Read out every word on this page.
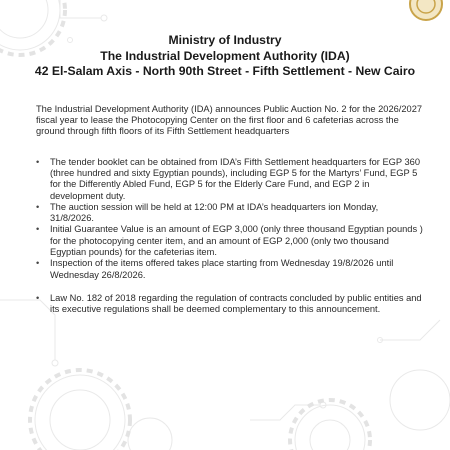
Ministry of Industry
The Industrial Development Authority (IDA)
42 El-Salam Axis - North 90th Street - Fifth Settlement - New Cairo

The Industrial Development Authority (IDA) announces Public Auction No. 2 for the 2026/2027 fiscal year to lease the Photocopying Center on the first floor and 6 cafeterias across the ground through fifth floors of its Fifth Settlement headquarters

• The tender booklet can be obtained from IDA’s Fifth Settlement headquarters for EGP 360 (three hundred and sixty Egyptian pounds), including EGP 5 for the Martyrs’ Fund, EGP 5 for the Differently Abled Fund, EGP 5 for the Elderly Care Fund, and EGP 2 in development duty.
• The auction session will be held at 12:00 PM at IDA’s headquarters ion Monday, 31/8/2026.
• Initial Guarantee Value is an amount of EGP 3,000 (only three thousand Egyptian pounds ) for the photocopying center item, and an amount of EGP 2,000 (only two thousand Egyptian pounds) for the cafeterias item.
• Inspection of the items offered takes place starting from Wednesday 19/8/2026 until Wednesday 26/8/2026.
• Law No. 182 of 2018 regarding the regulation of contracts concluded by public entities and its executive regulations shall be deemed complementary to this announcement.
